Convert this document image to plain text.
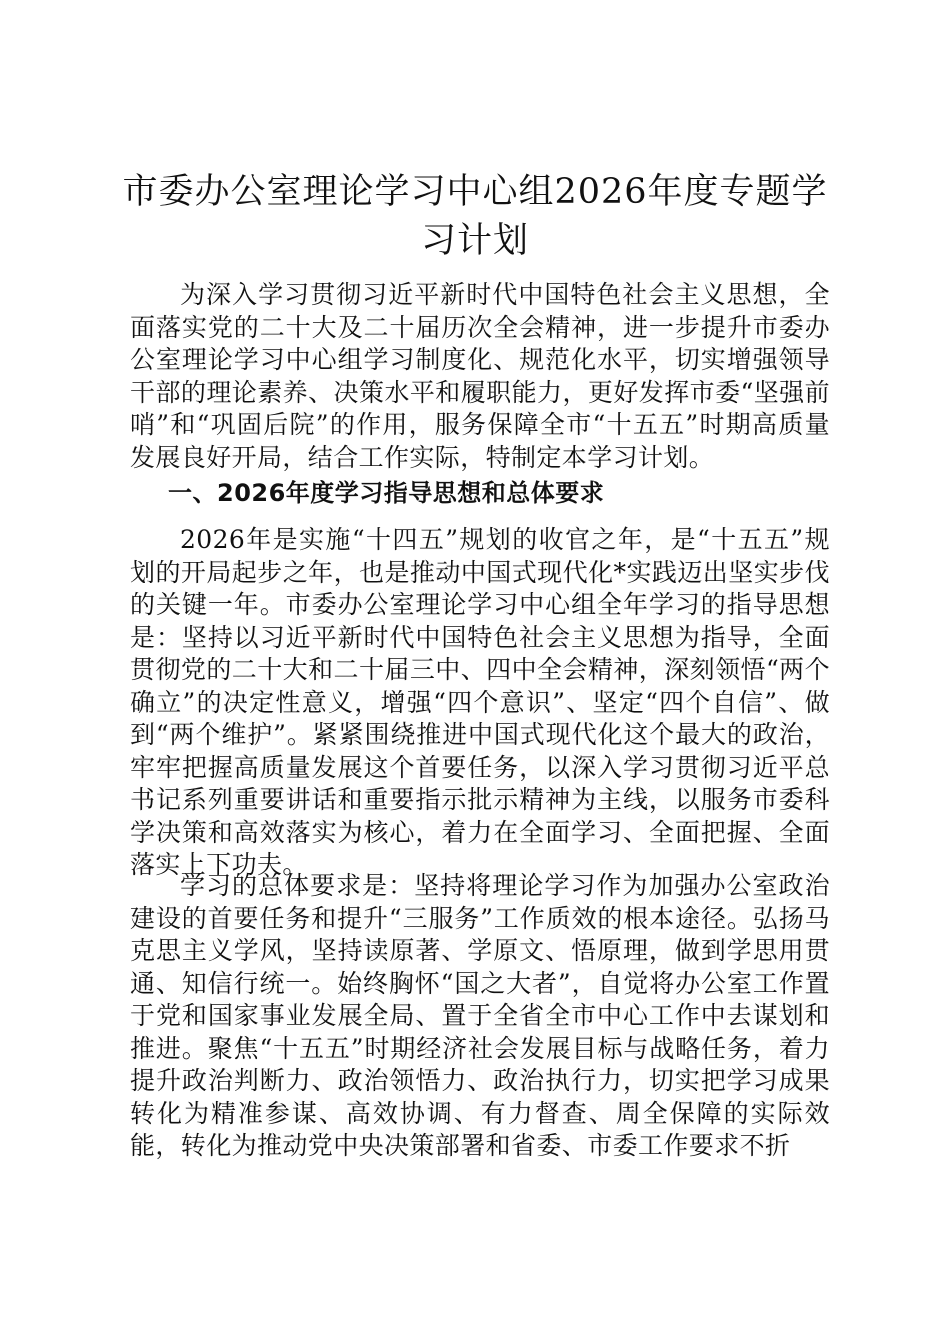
市委办公室理论学习中心组2026年度专题学习计划

为深入学习贯彻习近平新时代中国特色社会主义思想，全面落实党的二十大及二十届历次全会精神，进一步提升市委办公室理论学习中心组学习制度化、规范化水平，切实增强领导干部的理论素养、决策水平和履职能力，更好发挥市委“坚强前哨”和“巩固后院”的作用，服务保障全市“十五五”时期高质量发展良好开局，结合工作实际，特制定本学习计划。

一、2026年度学习指导思想和总体要求

2026年是实施“十四五”规划的收官之年，是“十五五”规划的开局起步之年，也是推动中国式现代化*实践迈出坚实步伐的关键一年。市委办公室理论学习中心组全年学习的指导思想是：坚持以习近平新时代中国特色社会主义思想为指导，全面贯彻党的二十大和二十届三中、四中全会精神，深刻领悟“两个确立”的决定性意义，增强“四个意识”、坚定“四个自信”、做到“两个维护”。紧紧围绕推进中国式现代化这个最大的政治，牢牢把握高质量发展这个首要任务，以深入学习贯彻习近平总书记系列重要讲话和重要指示批示精神为主线，以服务市委科学决策和高效落实为核心，着力在全面学习、全面把握、全面落实上下功夫。

学习的总体要求是：坚持将理论学习作为加强办公室政治建设的首要任务和提升“三服务”工作质效的根本途径。弘扬马克思主义学风，坚持读原著、学原文、悟原理，做到学思用贯通、知信行统一。始终胸怀“国之大者”，自觉将办公室工作置于党和国家事业发展全局、置于全省全市中心工作中去谋划和推进。聚焦“十五五”时期经济社会发展目标与战略任务，着力提升政治判断力、政治领悟力、政治执行力，切实把学习成果转化为精准参谋、高效协调、有力督查、周全保障的实际效能，转化为推动党中央决策部署和省委、市委工作要求不折
